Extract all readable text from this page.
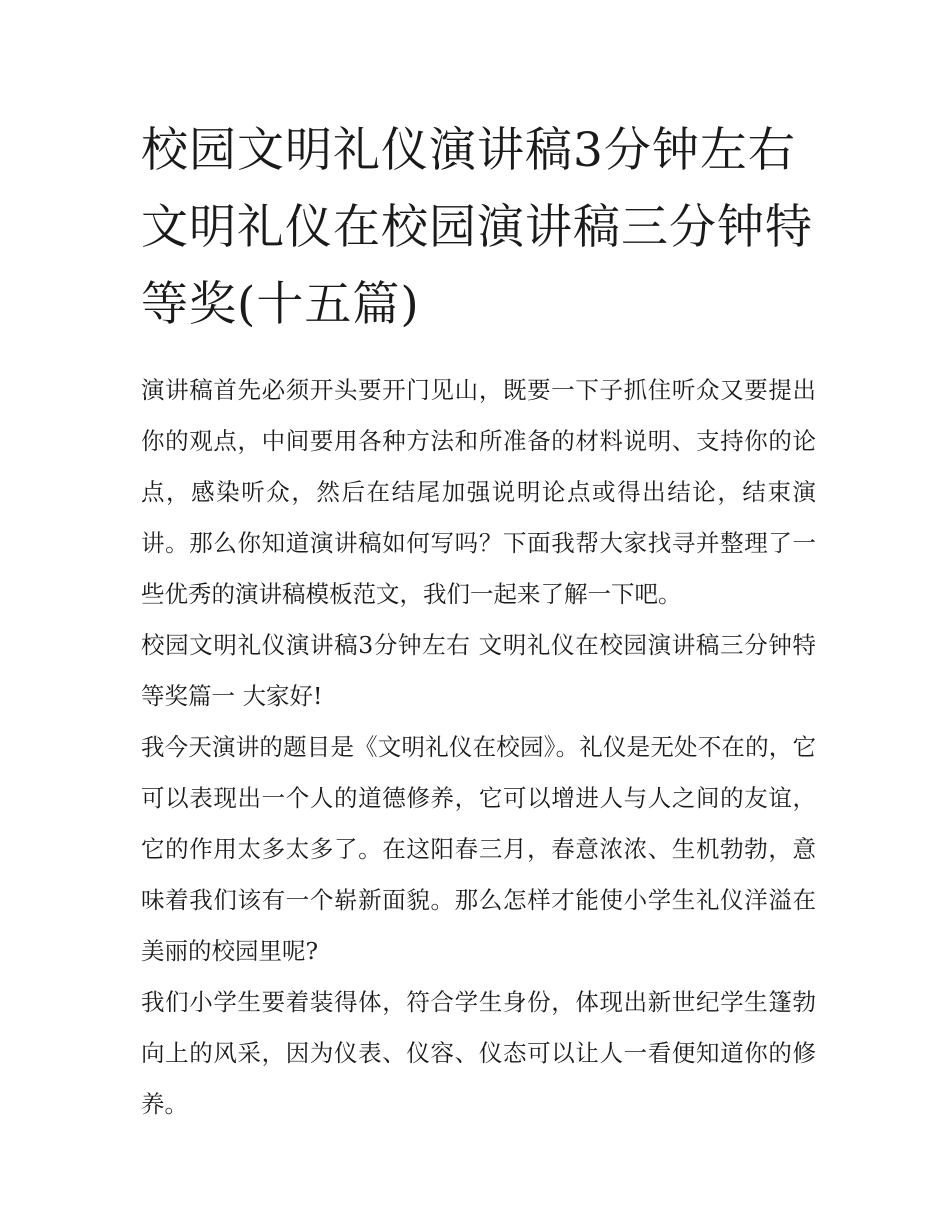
校园文明礼仪演讲稿3分钟左右 文明礼仪在校园演讲稿三分钟特等奖(十五篇)

演讲稿首先必须开头要开门见山，既要一下子抓住听众又要提出你的观点，中间要用各种方法和所准备的材料说明、支持你的论点，感染听众，然后在结尾加强说明论点或得出结论，结束演讲。那么你知道演讲稿如何写吗？下面我帮大家找寻并整理了一些优秀的演讲稿模板范文，我们一起来了解一下吧。

校园文明礼仪演讲稿3分钟左右 文明礼仪在校园演讲稿三分钟特等奖篇一 大家好!

我今天演讲的题目是《文明礼仪在校园》。礼仪是无处不在的，它可以表现出一个人的道德修养，它可以增进人与人之间的友谊，它的作用太多太多了。在这阳春三月，春意浓浓、生机勃勃，意味着我们该有一个崭新面貌。那么怎样才能使小学生礼仪洋溢在美丽的校园里呢?

我们小学生要着装得体，符合学生身份，体现出新世纪学生篷勃向上的风采，因为仪表、仪容、仪态可以让人一看便知道你的修养。
